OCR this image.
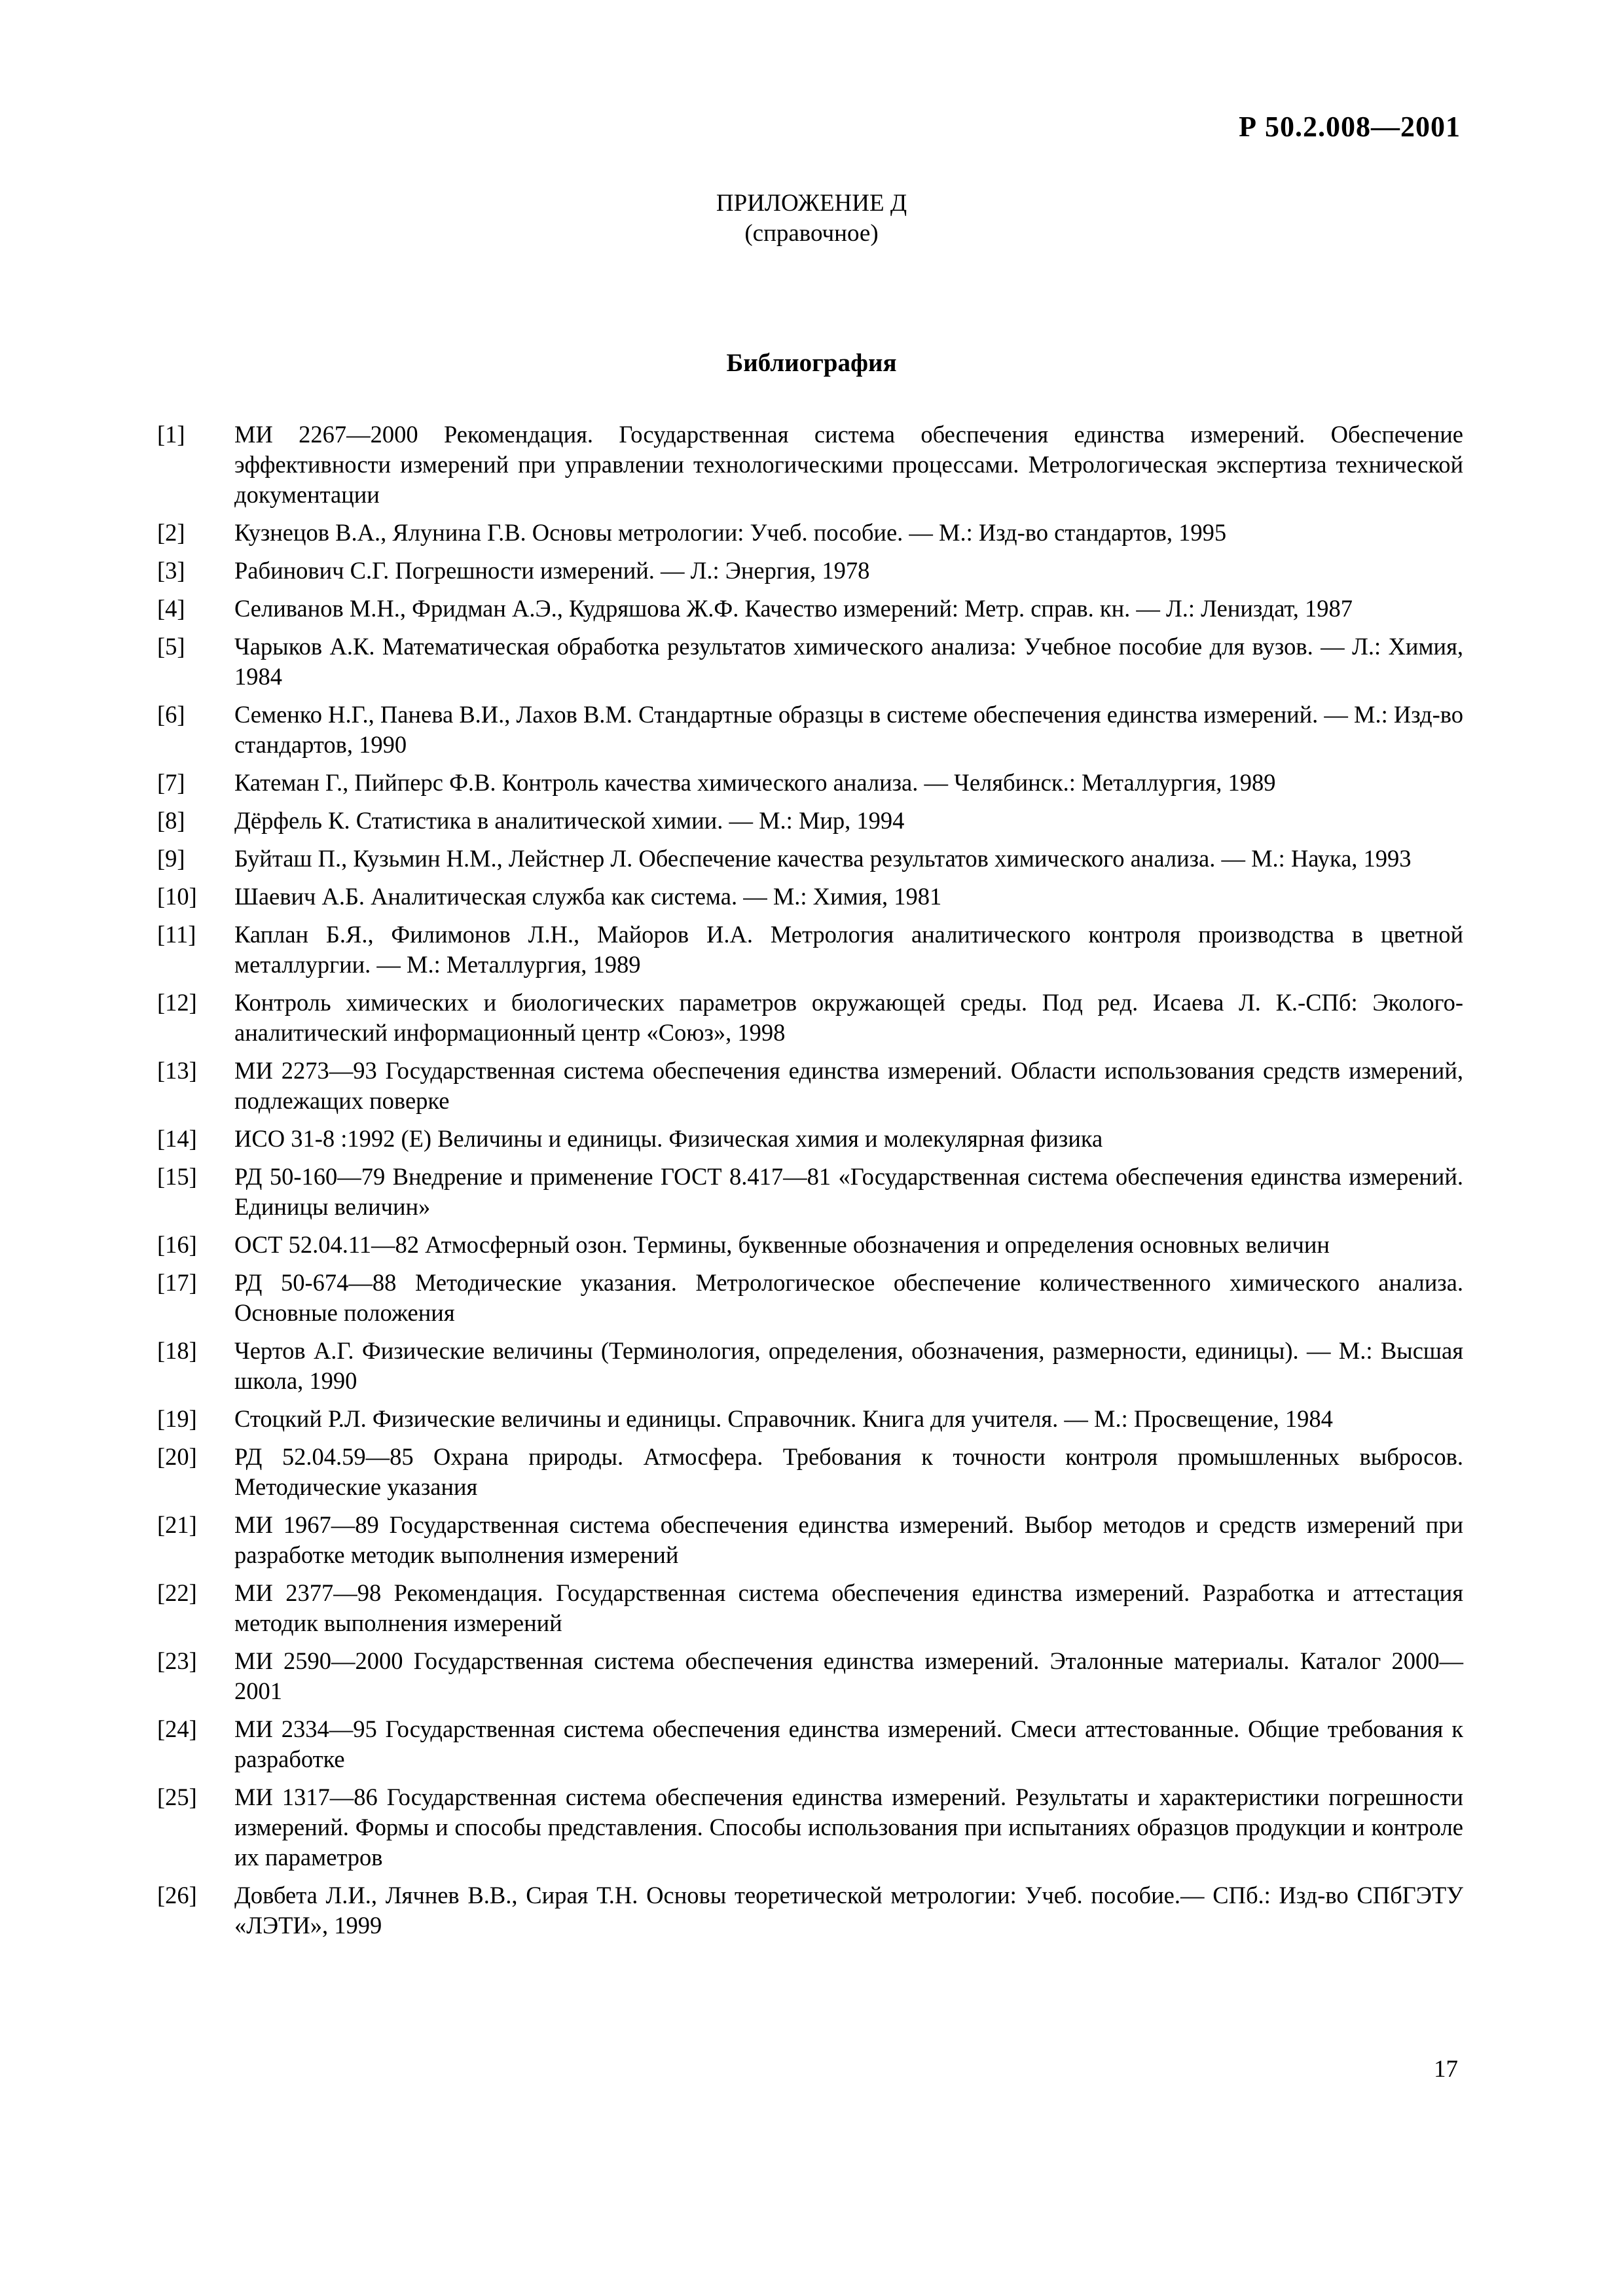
Р 50.2.008—2001
ПРИЛОЖЕНИЕ Д
(справочное)
Библиография
[1]	МИ 2267—2000 Рекомендация. Государственная система обеспечения единства измерений. Обеспечение эффективности измерений при управлении технологическими процессами. Метрологическая экспертиза технической документации
[2]	Кузнецов В.А., Ялунина Г.В. Основы метрологии: Учеб. пособие. — М.: Изд-во стандартов, 1995
[3]	Рабинович С.Г. Погрешности измерений. — Л.: Энергия, 1978
[4]	Селиванов М.Н., Фридман А.Э., Кудряшова Ж.Ф. Качество измерений: Метр. справ. кн. — Л.: Лениздат, 1987
[5]	Чарыков А.К. Математическая обработка результатов химического анализа: Учебное пособие для вузов. — Л.: Химия, 1984
[6]	Семенко Н.Г., Панева В.И., Лахов В.М. Стандартные образцы в системе обеспечения единства измерений. — М.: Изд-во стандартов, 1990
[7]	Катеман Г., Пийперс Ф.В. Контроль качества химического анализа. — Челябинск.: Металлургия, 1989
[8]	Дёрфель К. Статистика в аналитической химии. — М.: Мир, 1994
[9]	Буйташ П., Кузьмин Н.М., Лейстнер Л. Обеспечение качества результатов химического анализа. — М.: Наука, 1993
[10]	Шаевич А.Б. Аналитическая служба как система. — М.: Химия, 1981
[11]	Каплан Б.Я., Филимонов Л.Н., Майоров И.А. Метрология аналитического контроля производства в цветной металлургии. — М.: Металлургия, 1989
[12]	Контроль химических и биологических параметров окружающей среды. Под ред. Исаева Л. К.-СПб: Эколого-аналитический информационный центр «Союз», 1998
[13]	МИ 2273—93 Государственная система обеспечения единства измерений. Области использования средств измерений, подлежащих поверке
[14]	ИСО 31-8 :1992 (Е) Величины и единицы. Физическая химия и молекулярная физика
[15]	РД 50-160—79 Внедрение и применение ГОСТ 8.417—81 «Государственная система обеспечения единства измерений. Единицы величин»
[16]	ОСТ 52.04.11—82 Атмосферный озон. Термины, буквенные обозначения и определения основных величин
[17]	РД 50-674—88 Методические указания. Метрологическое обеспечение количественного химического анализа. Основные положения
[18]	Чертов А.Г. Физические величины (Терминология, определения, обозначения, размерности, единицы). — М.: Высшая школа, 1990
[19]	Стоцкий Р.Л. Физические величины и единицы. Справочник. Книга для учителя. — М.: Просвещение, 1984
[20]	РД 52.04.59—85 Охрана природы. Атмосфера. Требования к точности контроля промышленных выбросов. Методические указания
[21]	МИ 1967—89 Государственная система обеспечения единства измерений. Выбор методов и средств измерений при разработке методик выполнения измерений
[22]	МИ 2377—98 Рекомендация. Государственная система обеспечения единства измерений. Разработка и аттестация методик выполнения измерений
[23]	МИ 2590—2000 Государственная система обеспечения единства измерений. Эталонные материалы. Каталог 2000—2001
[24]	МИ 2334—95 Государственная система обеспечения единства измерений. Смеси аттестованные. Общие требования к разработке
[25]	МИ 1317—86 Государственная система обеспечения единства измерений. Результаты и характеристики погрешности измерений. Формы и способы представления. Способы использования при испытаниях образцов продукции и контроле их параметров
[26]	Довбета Л.И., Лячнев В.В., Сирая Т.Н. Основы теоретической метрологии: Учеб. пособие.— СПб.: Изд-во СПбГЭТУ «ЛЭТИ», 1999
17
